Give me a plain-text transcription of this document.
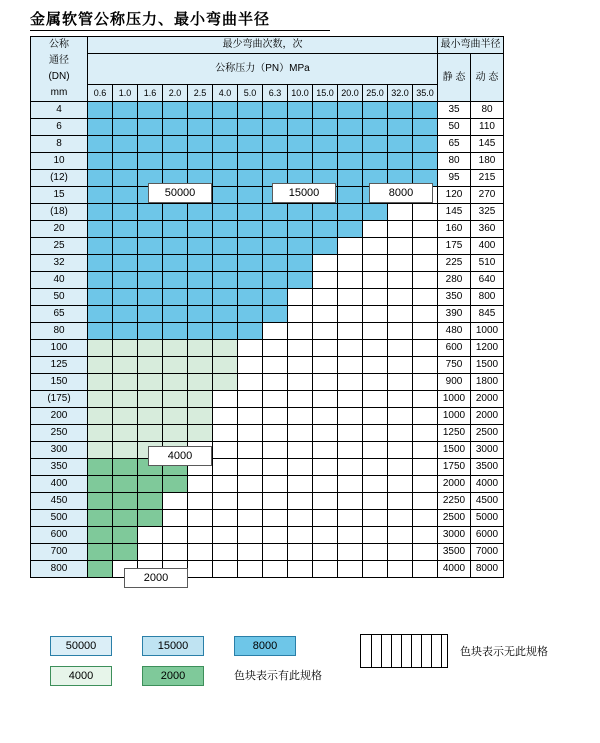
金属软管公称压力、最小弯曲半径
公称
通径
(DN)
mm	最少弯曲次数，次														最小弯曲半径	
	公称压力（PN）MPa														静 态	动 态
	0.6	1.0	1.6	2.0	2.5	4.0	5.0	6.3	10.0	15.0	20.0	25.0	32.0	35.0		
4															35	80
6															50	110
8															65	145
10															80	180
(12)															95	215
15															120	270
(18)															145	325
20															160	360
25															175	400
32															225	510
40															280	640
50															350	800
65															390	845
80															480	1000
100															600	1200
125															750	1500
150															900	1800
(175)															1000	2000
200															1000	2000
250															1250	2500
300															1500	3000
350															1750	3500
400															2000	4000
450															2250	4500
500															2500	5000
600															3000	6000
700															3500	7000
800															4000	8000
50000	15000	8000
4000
2000
50000	15000	8000	色块表示无此规格
4000	2000	色块表示有此规格
